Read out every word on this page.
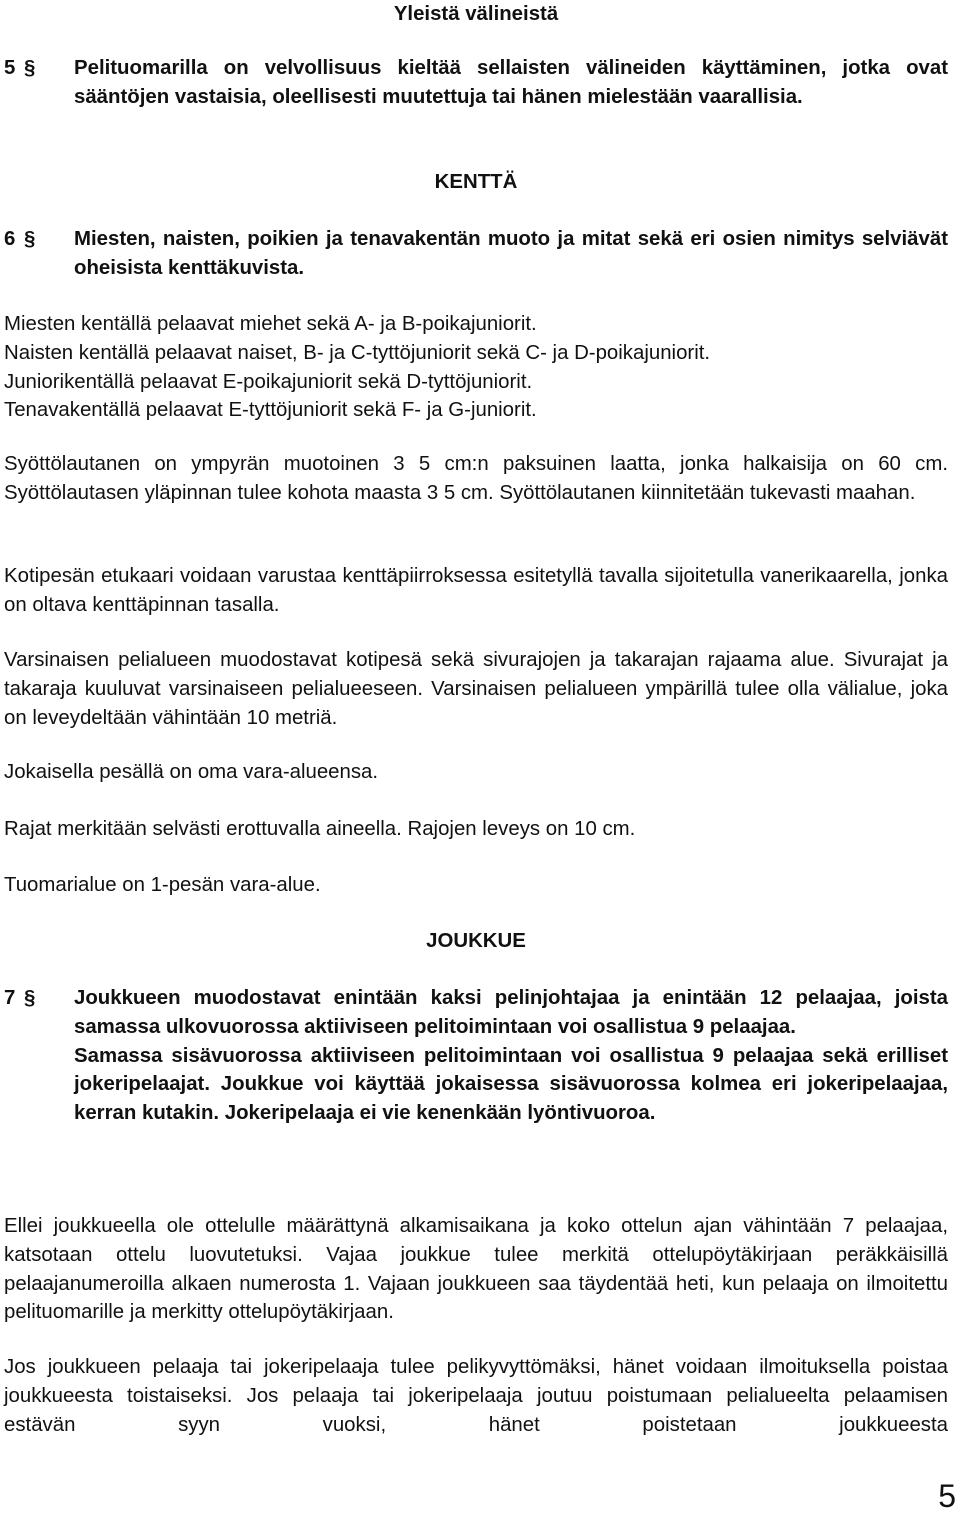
Yleistä välineistä
5 § Pelituomarilla on velvollisuus kieltää sellaisten välineiden käyttäminen, jotka ovat sääntöjen vastaisia, oleellisesti muutettuja tai hänen mielestään vaarallisia.
KENTTÄ
6 § Miesten, naisten, poikien ja tenavakentän muoto ja mitat sekä eri osien nimitys selviävät oheisista kenttäkuvista.
Miesten kentällä pelaavat miehet sekä A- ja B-poikajuniorit.
Naisten kentällä pelaavat naiset, B- ja C-tyttöjuniorit sekä C- ja D-poikajuniorit.
Juniorikentällä pelaavat E-poikajuniorit sekä D-tyttöjuniorit.
Tenavakentällä pelaavat E-tyttöjuniorit sekä F- ja G-juniorit.

Syöttölautanen on ympyrän muotoinen 3 5 cm:n paksuinen laatta, jonka halkaisija on 60 cm. Syöttölautasen yläpinnan tulee kohota maasta 3 5 cm. Syöttölautanen kiinnitetään tukevasti maahan.

Kotipesän etukaari voidaan varustaa kenttäpiirroksessa esitetyllä tavalla sijoitetulla vanerikaarella, jonka on oltava kenttäpinnan tasalla.

Varsinaisen pelialueen muodostavat kotipesä sekä sivurajojen ja takarajan rajaama alue. Sivurajat ja takaraja kuuluvat varsinaiseen pelialueeseen. Varsinaisen pelialueen ympärillä tulee olla välialue, joka on leveydeltään vähintään 10 metriä.

Jokaisella pesällä on oma vara-alueensa.

Rajat merkitään selvästi erottuvalla aineella. Rajojen leveys on 10 cm.

Tuomarialue on 1-pesän vara-alue.

JOUKKUE
7 § Joukkueen muodostavat enintään kaksi pelinjohtajaa ja enintään 12 pelaajaa, joista samassa ulkovuorossa aktiiviseen pelitoimintaan voi osallistua 9 pelaajaa.

Samassa sisävuorossa aktiiviseen pelitoimintaan voi osallistua 9 pelaajaa sekä erilliset jokeripelaajat. Joukkue voi käyttää jokaisessa sisävuorossa kolmea eri jokeripelaajaa, kerran kutakin. Jokeripelaaja ei vie kenenkään lyöntivuoroa.

Ellei joukkueella ole ottelulle määrättynä alkamisaikana ja koko ottelun ajan vähintään 7 pelaajaa, katsotaan ottelu luovutetuksi. Vajaa joukkue tulee merkitä ottelupöytäkirjaan peräkkäisillä pelaajanumeroilla alkaen numerosta 1. Vajaan joukkueen saa täydentää heti, kun pelaaja on ilmoitettu pelituomarille ja merkitty ottelupöytäkirjaan.

Jos joukkueen pelaaja tai jokeripelaaja tulee pelikyvyttömäksi, hänet voidaan ilmoituksella poistaa joukkueesta toistaiseksi. Jos pelaaja tai jokeripelaaja joutuu poistumaan pelialueelta pelaamisen estävän syyn vuoksi, hänet poistetaan joukkueesta

5
